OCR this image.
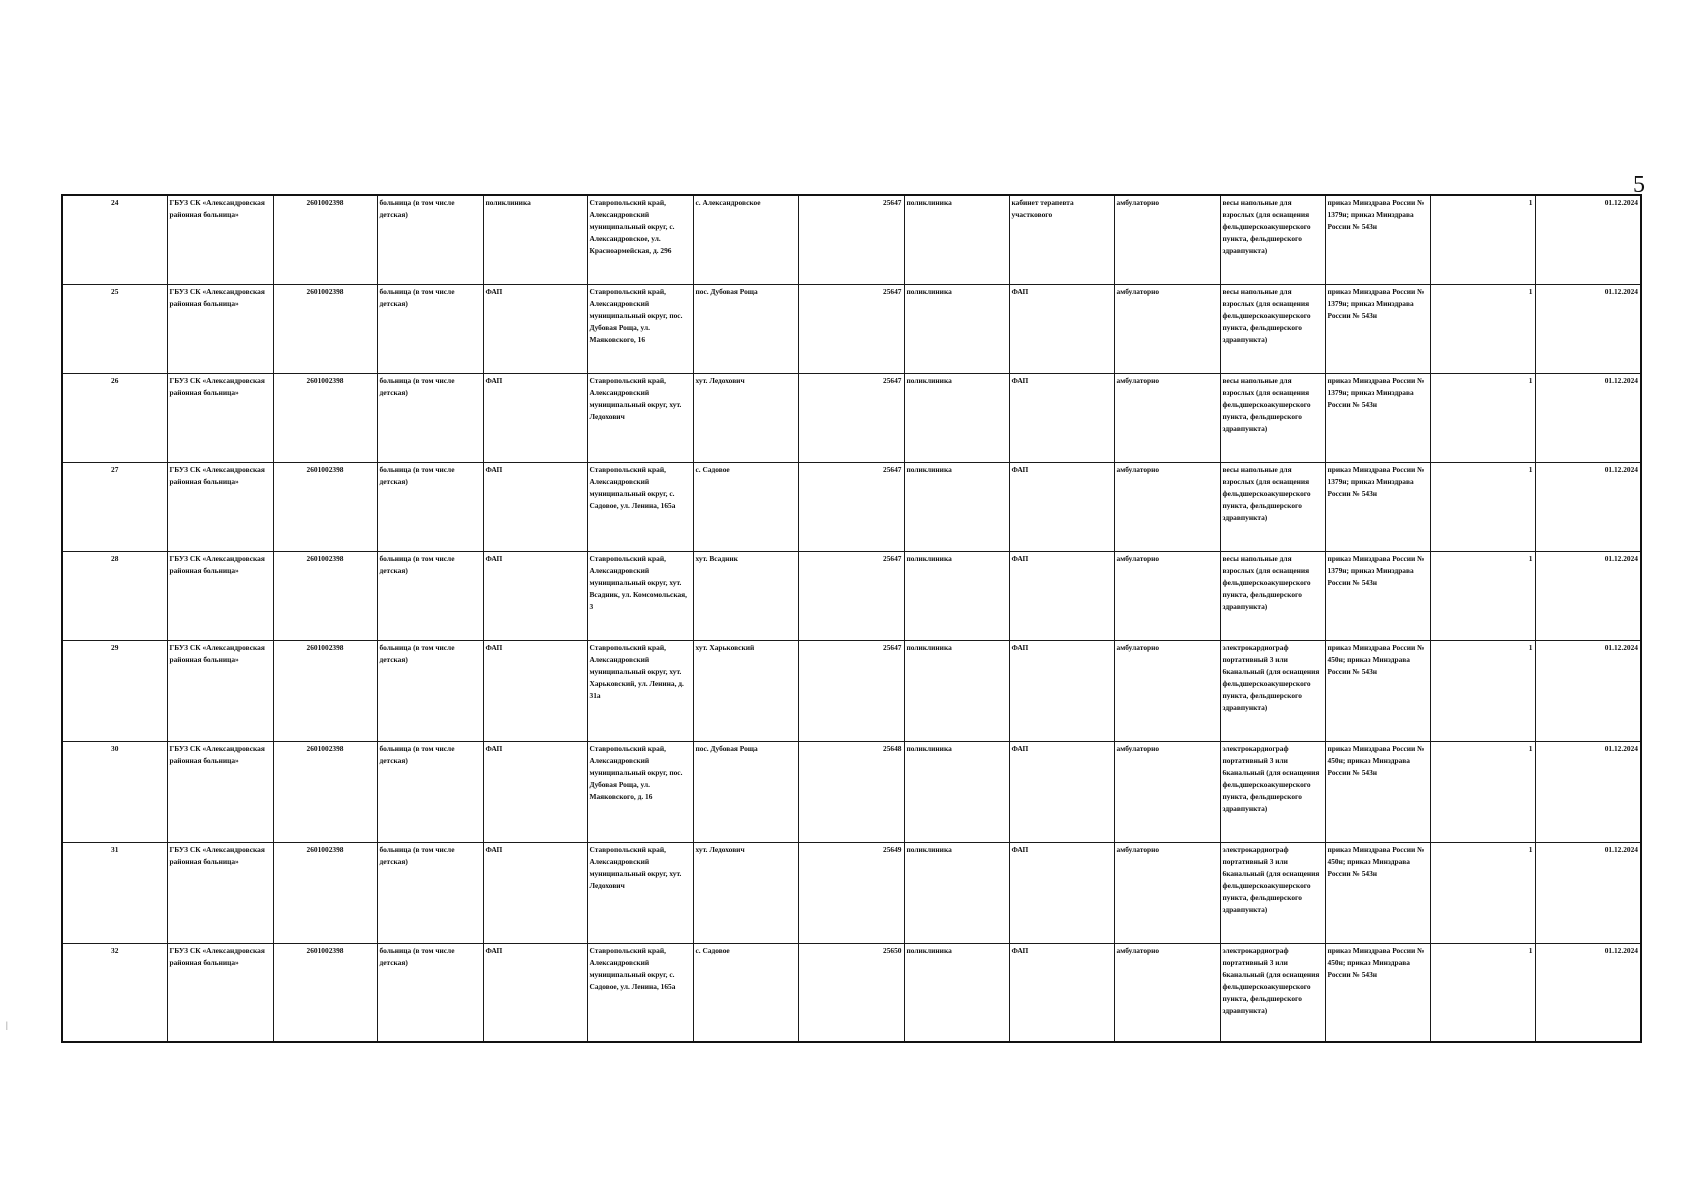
5
24	ГБУЗ СК «Александровская районная больница»	2601002398	больница (в том числе детская)	поликлиника	Ставропольский край, Александровский муниципальный округ, с. Александровское, ул. Красноармейская, д. 296	с. Александровское	25647	поликлиника	кабинет терапевта участкового	амбулаторно	весы напольные для взрослых (для оснащения фельдшерскоакушерского пункта, фельдшерского здравпункта)	приказ Минздрава России № 1379н; приказ Минздрава России № 543н	1	01.12.2024
25	ГБУЗ СК «Александровская районная больница»	2601002398	больница (в том числе детская)	ФАП	Ставропольский край, Александровский муниципальный округ, пос. Дубовая Роща, ул. Маяковского, 16	пос. Дубовая Роща	25647	поликлиника	ФАП	амбулаторно	весы напольные для взрослых (для оснащения фельдшерскоакушерского пункта, фельдшерского здравпункта)	приказ Минздрава России № 1379н; приказ Минздрава России № 543н	1	01.12.2024
26	ГБУЗ СК «Александровская районная больница»	2601002398	больница (в том числе детская)	ФАП	Ставропольский край, Александровский муниципальный округ, хут. Ледохович	хут. Ледохович	25647	поликлиника	ФАП	амбулаторно	весы напольные для взрослых (для оснащения фельдшерскоакушерского пункта, фельдшерского здравпункта)	приказ Минздрава России № 1379н; приказ Минздрава России № 543н	1	01.12.2024
27	ГБУЗ СК «Александровская районная больница»	2601002398	больница (в том числе детская)	ФАП	Ставропольский край, Александровский муниципальный округ, с. Садовое, ул. Ленина, 165а	с. Садовое	25647	поликлиника	ФАП	амбулаторно	весы напольные для взрослых (для оснащения фельдшерскоакушерского пункта, фельдшерского здравпункта)	приказ Минздрава России № 1379н; приказ Минздрава России № 543н	1	01.12.2024
28	ГБУЗ СК «Александровская районная больница»	2601002398	больница (в том числе детская)	ФАП	Ставропольский край, Александровский муниципальный округ, хут. Всадник, ул. Комсомольская, 3	хут. Всадник	25647	поликлиника	ФАП	амбулаторно	весы напольные для взрослых (для оснащения фельдшерскоакушерского пункта, фельдшерского здравпункта)	приказ Минздрава России № 1379н; приказ Минздрава России № 543н	1	01.12.2024
29	ГБУЗ СК «Александровская районная больница»	2601002398	больница (в том числе детская)	ФАП	Ставропольский край, Александровский муниципальный округ, хут. Харьковский, ул. Ленина, д. 31а	хут. Харьковский	25647	поликлиника	ФАП	амбулаторно	электрокардиограф портативный 3 или 6канальный (для оснащения фельдшерскоакушерского пункта, фельдшерского здравпункта)	приказ Минздрава России № 450н; приказ Минздрава России № 543н	1	01.12.2024
30	ГБУЗ СК «Александровская районная больница»	2601002398	больница (в том числе детская)	ФАП	Ставропольский край, Александровский муниципальный округ, пос. Дубовая Роща, ул. Маяковского, д. 16	пос. Дубовая Роща	25648	поликлиника	ФАП	амбулаторно	электрокардиограф портативный 3 или 6канальный (для оснащения фельдшерскоакушерского пункта, фельдшерского здравпункта)	приказ Минздрава России № 450н; приказ Минздрава России № 543н	1	01.12.2024
31	ГБУЗ СК «Александровская районная больница»	2601002398	больница (в том числе детская)	ФАП	Ставропольский край, Александровский муниципальный округ, хут. Ледохович	хут. Ледохович	25649	поликлиника	ФАП	амбулаторно	электрокардиограф портативный 3 или 6канальный (для оснащения фельдшерскоакушерского пункта, фельдшерского здравпункта)	приказ Минздрава России № 450н; приказ Минздрава России № 543н	1	01.12.2024
32	ГБУЗ СК «Александровская районная больница»	2601002398	больница (в том числе детская)	ФАП	Ставропольский край, Александровский муниципальный округ, с. Садовое, ул. Ленина, 165а	с. Садовое	25650	поликлиника	ФАП	амбулаторно	электрокардиограф портативный 3 или 6канальный (для оснащения фельдшерскоакушерского пункта, фельдшерского здравпункта)	приказ Минздрава России № 450н; приказ Минздрава России № 543н	1	01.12.2024
|
